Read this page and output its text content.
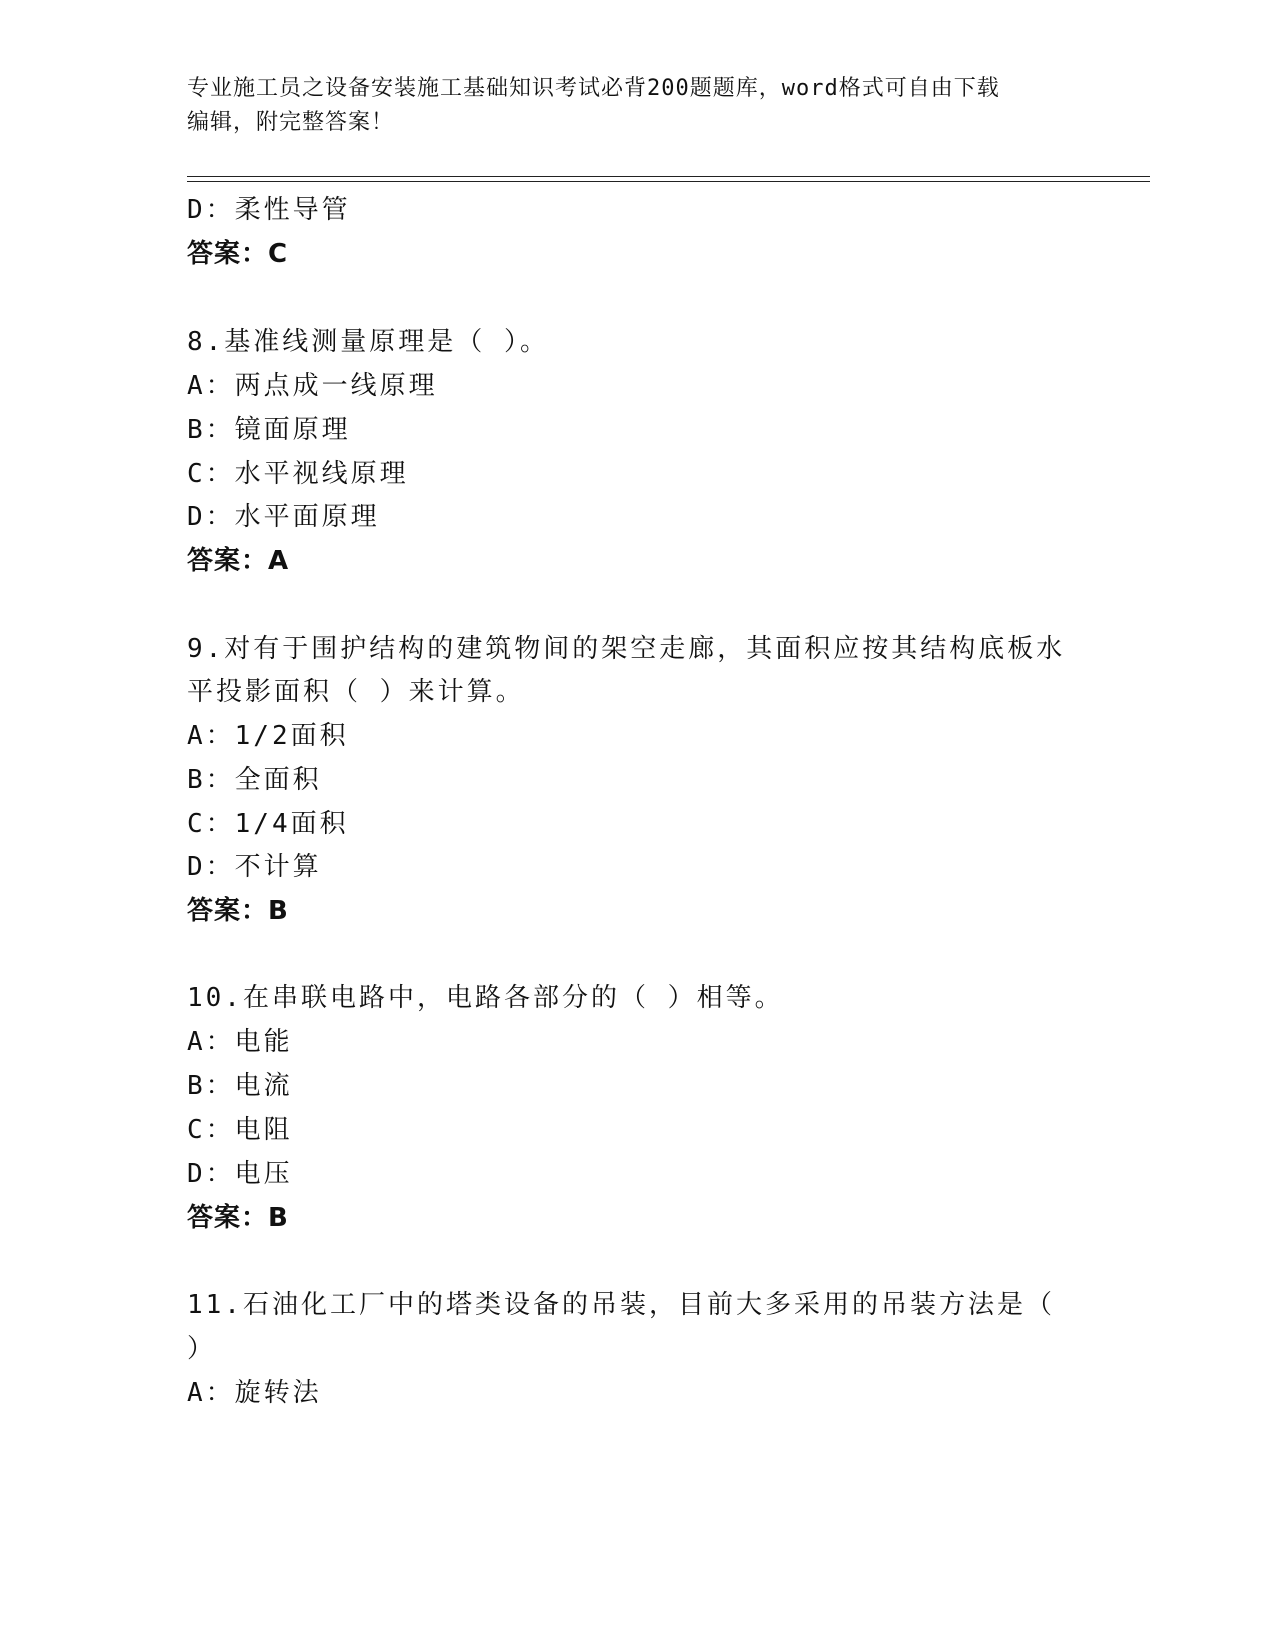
专业施工员之设备安装施工基础知识考试必背200题题库，word格式可自由下载
编辑，附完整答案！
D：柔性导管
答案：C
8.基准线测量原理是（ ）。
A：两点成一线原理
B：镜面原理
C：水平视线原理
D：水平面原理
答案：A
9.对有于围护结构的建筑物间的架空走廊，其面积应按其结构底板水
平投影面积（ ）来计算。
A：1/2面积
B：全面积
C：1/4面积
D：不计算
答案：B
10.在串联电路中，电路各部分的（ ）相等。
A：电能
B：电流
C：电阻
D：电压
答案：B
11.石油化工厂中的塔类设备的吊装，目前大多采用的吊装方法是（
）
A：旋转法
